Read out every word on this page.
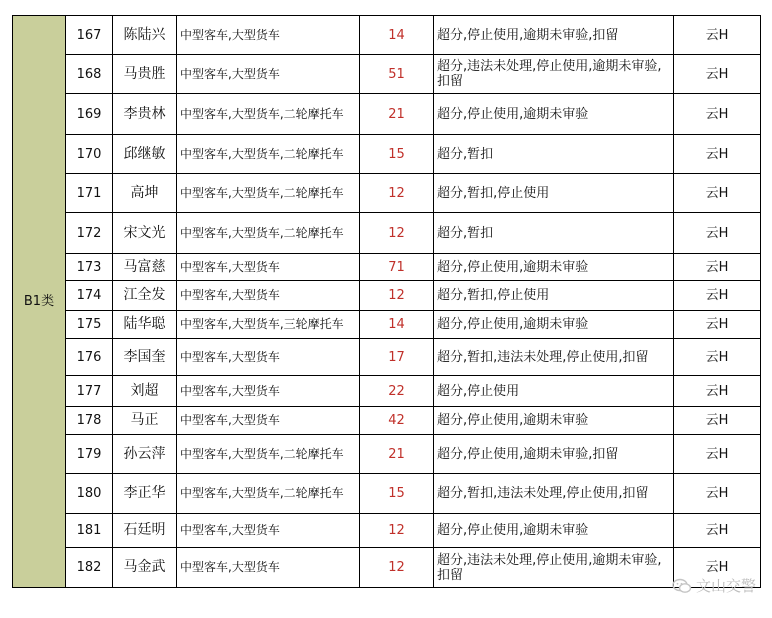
B1类	167	陈陆兴	中型客车,大型货车	14	超分,停止使用,逾期未审验,扣留	云H
	168	马贵胜	中型客车,大型货车	51	超分,违法未处理,停止使用,逾期未审验,扣留	云H
	169	李贵林	中型客车,大型货车,二轮摩托车	21	超分,停止使用,逾期未审验	云H
	170	邱继敏	中型客车,大型货车,二轮摩托车	15	超分,暂扣	云H
	171	高坤	中型客车,大型货车,二轮摩托车	12	超分,暂扣,停止使用	云H
	172	宋文光	中型客车,大型货车,二轮摩托车	12	超分,暂扣	云H
	173	马富慈	中型客车,大型货车	71	超分,停止使用,逾期未审验	云H
	174	江全发	中型客车,大型货车	12	超分,暂扣,停止使用	云H
	175	陆华聪	中型客车,大型货车,三轮摩托车	14	超分,停止使用,逾期未审验	云H
	176	李国奎	中型客车,大型货车	17	超分,暂扣,违法未处理,停止使用,扣留	云H
	177	刘超	中型客车,大型货车	22	超分,停止使用	云H
	178	马正	中型客车,大型货车	42	超分,停止使用,逾期未审验	云H
	179	孙云萍	中型客车,大型货车,二轮摩托车	21	超分,停止使用,逾期未审验,扣留	云H
	180	李正华	中型客车,大型货车,二轮摩托车	15	超分,暂扣,违法未处理,停止使用,扣留	云H
	181	石廷明	中型客车,大型货车	12	超分,停止使用,逾期未审验	云H
	182	马金武	中型客车,大型货车	12	超分,违法未处理,停止使用,逾期未审验,扣留	云H
文山交警
